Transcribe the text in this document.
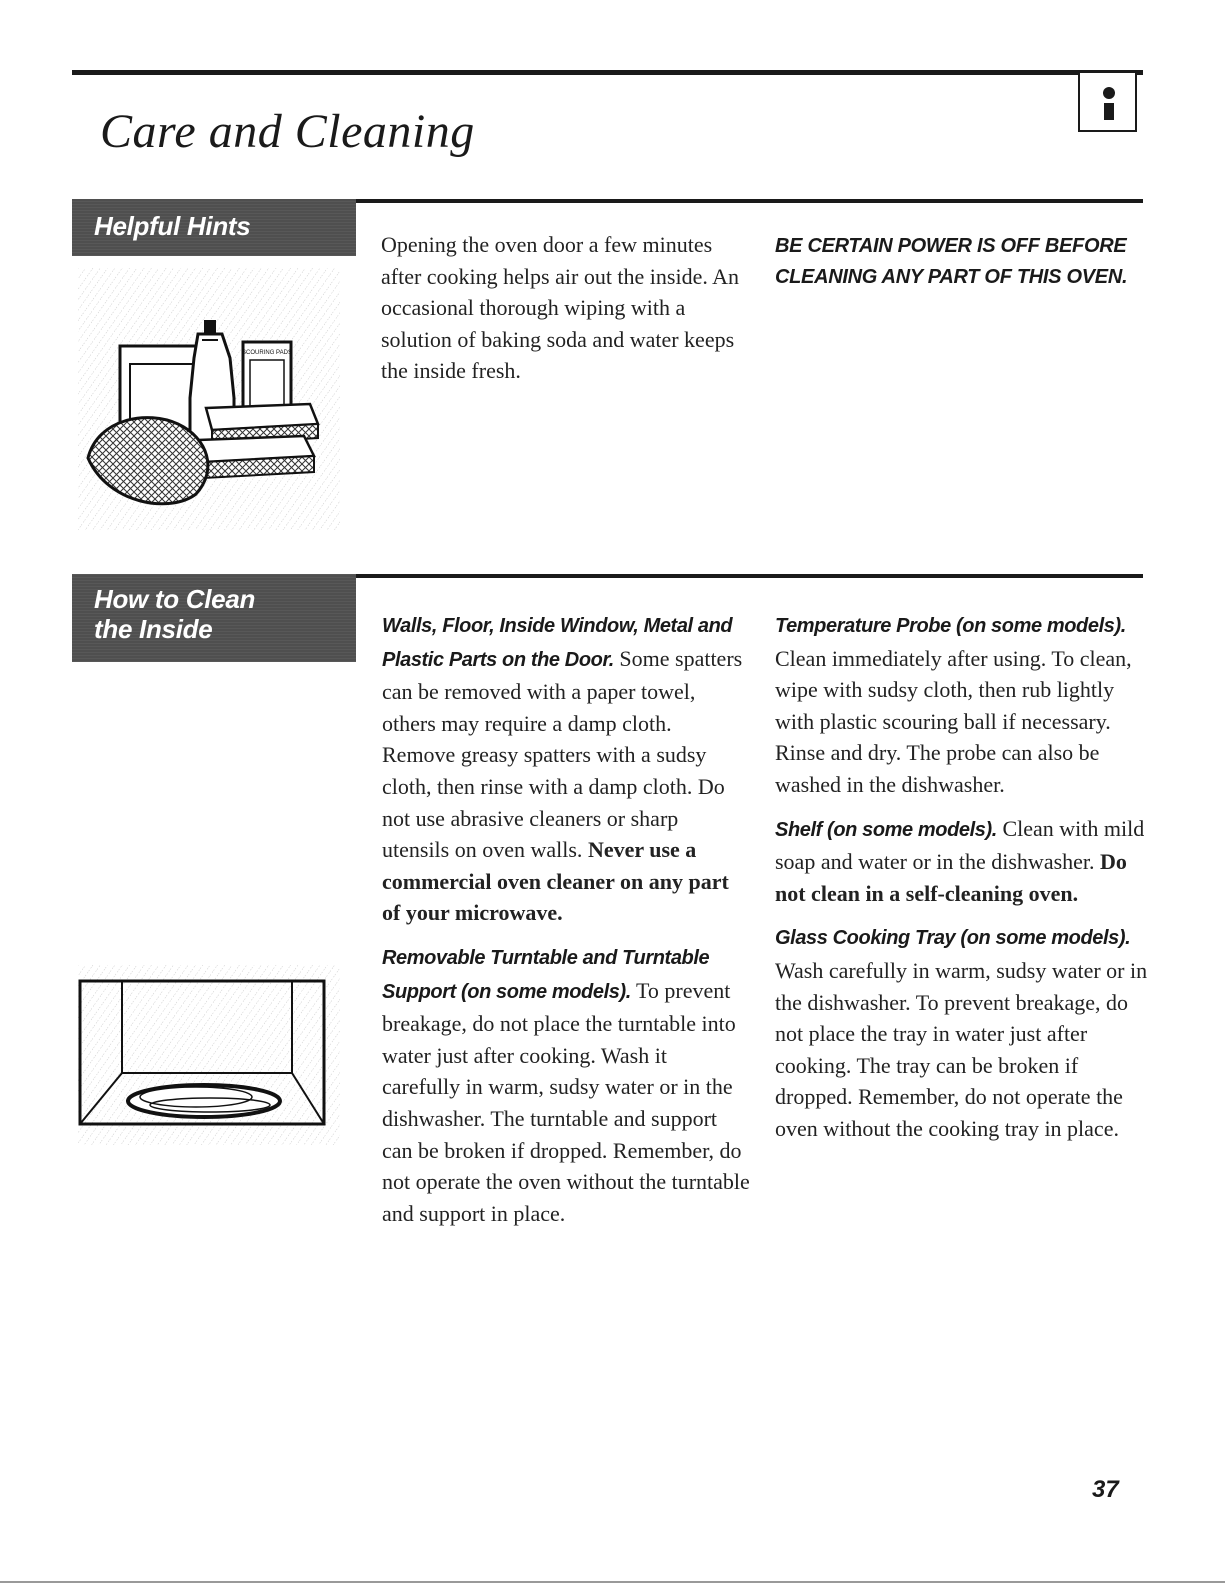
Care and Cleaning
Helpful Hints
SCOURING PADS

Opening the oven door a few minutes after cooking helps air out the inside. An occasional thorough wiping with a solution of baking soda and water keeps the inside fresh.

BE CERTAIN POWER IS OFF BEFORE CLEANING ANY PART OF THIS OVEN.
How to Clean
the Inside	Walls, Floor, Inside Window, Metal and Plastic Parts on the Door. Some spatters can be removed with a paper towel, others may require a damp cloth. Remove greasy spatters with a sudsy cloth, then rinse with a damp cloth. Do not use abrasive cleaners or sharp utensils on oven walls. Never use a commercial oven cleaner on any part of your microwave.

Removable Turntable and Turntable Support (on some models). To prevent breakage, do not place the turntable into water just after cooking. Wash it carefully in warm, sudsy water or in the dishwasher. The turntable and support can be broken if dropped. Remember, do not operate the oven without the turntable and support in place.

Temperature Probe (on some models). Clean immediately after using. To clean, wipe with sudsy cloth, then rub lightly with plastic scouring ball if necessary. Rinse and dry. The probe can also be washed in the dishwasher.

Shelf (on some models). Clean with mild soap and water or in the dishwasher. Do not clean in a self-cleaning oven.

Glass Cooking Tray (on some models). Wash carefully in warm, sudsy water or in the dishwasher. To prevent breakage, do not place the tray in water just after cooking. The tray can be broken if dropped. Remember, do not operate the oven without the cooking tray in place.

37
